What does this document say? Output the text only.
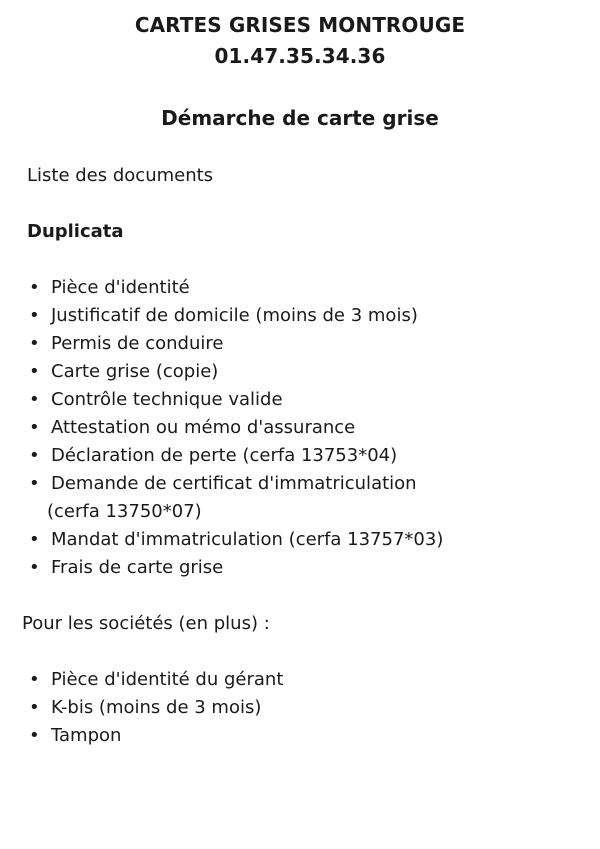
CARTES GRISES MONTROUGE
01.47.35.34.36
Démarche de carte grise
Liste des documents
Duplicata
• Pièce d'identité
• Justificatif de domicile (moins de 3 mois)
• Permis de conduire
• Carte grise (copie)
• Contrôle technique valide
• Attestation ou mémo d'assurance
• Déclaration de perte (cerfa 13753*04)
• Demande de certificat d'immatriculation
(cerfa 13750*07)
• Mandat d'immatriculation (cerfa 13757*03)
• Frais de carte grise
Pour les sociétés (en plus) :
• Pièce d'identité du gérant
• K-bis (moins de 3 mois)
• Tampon
